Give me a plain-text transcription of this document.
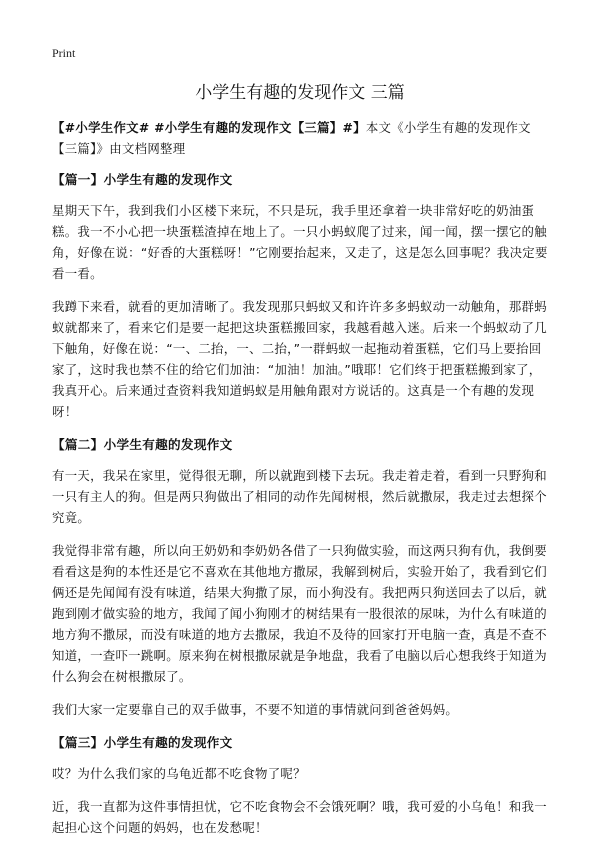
Print
小学生有趣的发现作文 三篇

【#小学生作文# #小学生有趣的发现作文【三篇】#】本文《小学生有趣的发现作文【三篇】》由文档网整理

【篇一】小学生有趣的发现作文

星期天下午，我到我们小区楼下来玩，不只是玩，我手里还拿着一块非常好吃的奶油蛋糕。我一不小心把一块蛋糕渣掉在地上了。一只小蚂蚁爬了过来，闻一闻，摆一摆它的触角，好像在说：“好香的大蛋糕呀！”它刚要抬起来，又走了，这是怎么回事呢？我决定要看一看。

我蹲下来看，就看的更加清晰了。我发现那只蚂蚁又和许许多多蚂蚁动一动触角，那群蚂蚁就都来了，看来它们是要一起把这块蛋糕搬回家，我越看越入迷。后来一个蚂蚁动了几下触角，好像在说：“一、二抬，一、二抬，”一群蚂蚁一起拖动着蛋糕，它们马上要抬回家了，这时我也禁不住的给它们加油：“加油！加油。”哦耶！它们终于把蛋糕搬到家了，我真开心。后来通过查资料我知道蚂蚁是用触角跟对方说话的。这真是一个有趣的发现呀！

【篇二】小学生有趣的发现作文

有一天，我呆在家里，觉得很无聊，所以就跑到楼下去玩。我走着走着，看到一只野狗和一只有主人的狗。但是两只狗做出了相同的动作先闻树根，然后就撒尿，我走过去想探个究竟。

我觉得非常有趣，所以向王奶奶和李奶奶各借了一只狗做实验，而这两只狗有仇，我倒要看看这是狗的本性还是它不喜欢在其他地方撒尿，我解到树后，实验开始了，我看到它们俩还是先闻闻有没有味道，结果大狗撒了尿，而小狗没有。我把两只狗送回去了以后，就跑到刚才做实验的地方，我闻了闻小狗刚才的树结果有一股很浓的尿味，为什么有味道的地方狗不撒尿，而没有味道的地方去撒尿，我迫不及待的回家打开电脑一查，真是不查不知道，一查吓一跳啊。原来狗在树根撒尿就是争地盘，我看了电脑以后心想我终于知道为什么狗会在树根撒尿了。

我们大家一定要靠自己的双手做事，不要不知道的事情就问到爸爸妈妈。

【篇三】小学生有趣的发现作文

哎？为什么我们家的乌龟近都不吃食物了呢？

近，我一直都为这件事情担忧，它不吃食物会不会饿死啊？哦，我可爱的小乌龟！和我一起担心这个问题的妈妈，也在发愁呢！
